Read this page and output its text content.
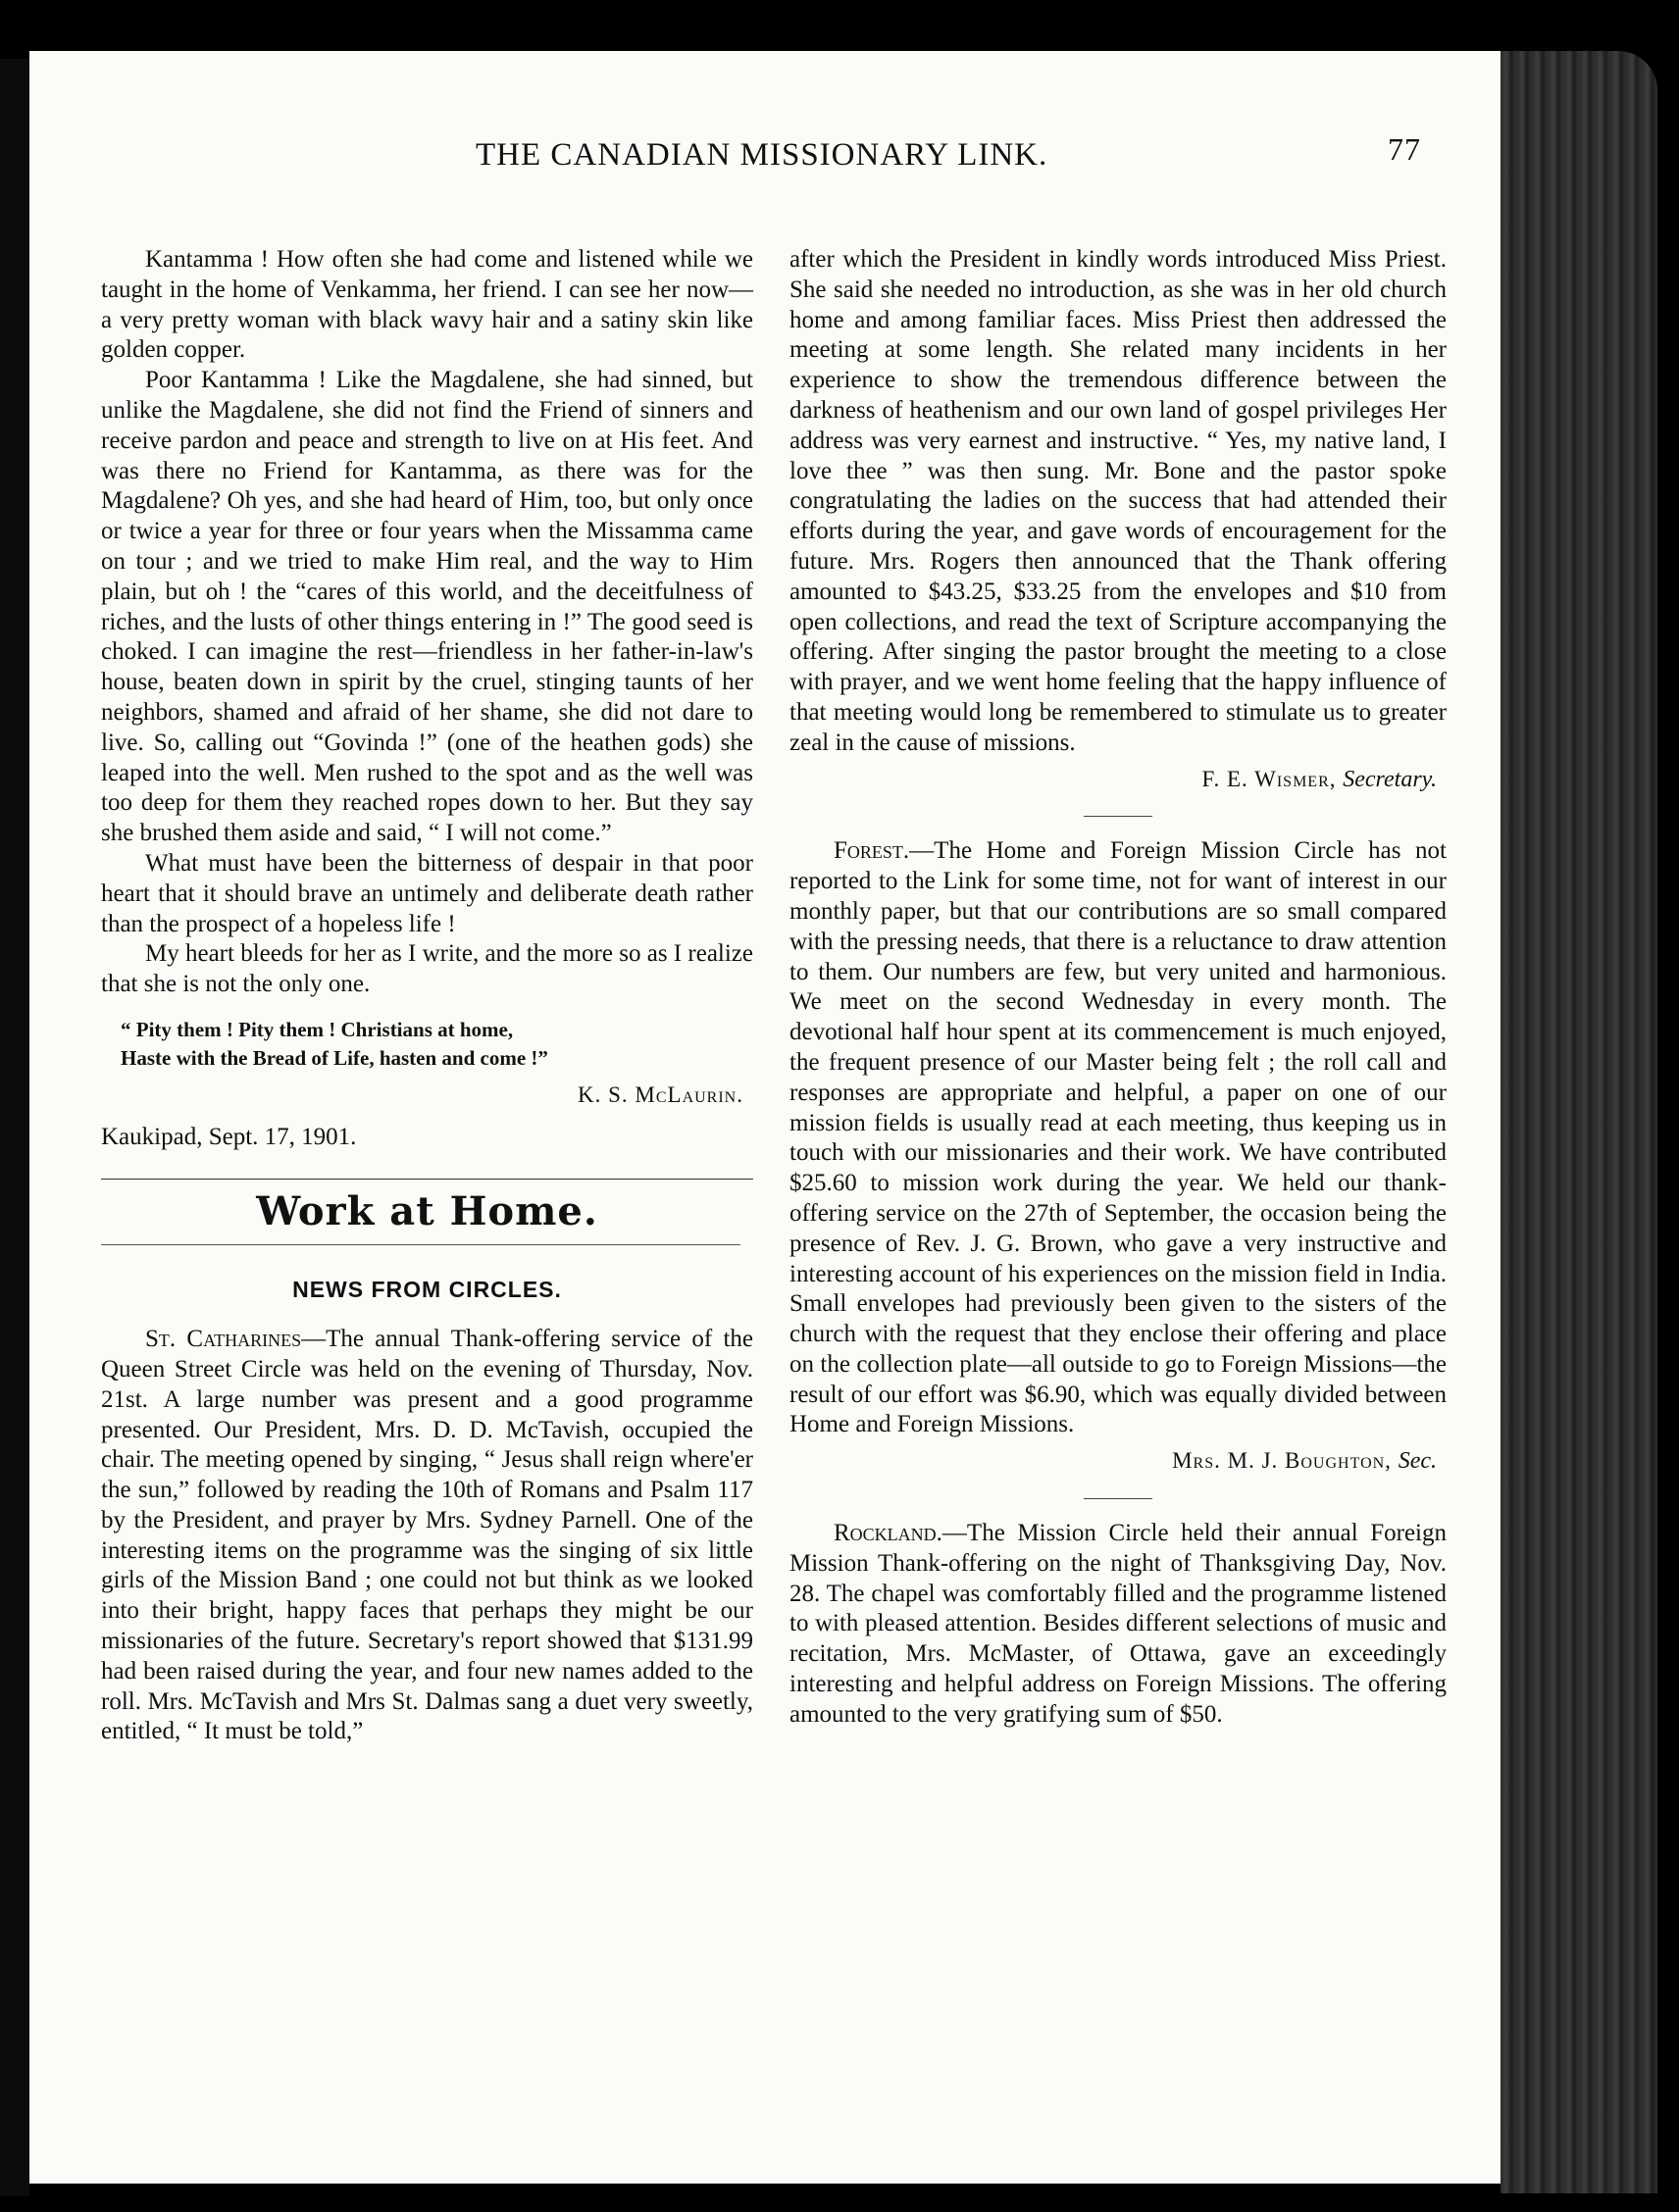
THE CANADIAN MISSIONARY LINK.	77

Kantamma ! How often she had come and listened while we taught in the home of Venkamma, her friend. I can see her now—a very pretty woman with black wavy hair and a satiny skin like golden copper.

Poor Kantamma ! Like the Magdalene, she had sinned, but unlike the Magdalene, she did not find the Friend of sinners and receive pardon and peace and strength to live on at His feet. And was there no Friend for Kantamma, as there was for the Magdalene? Oh yes, and she had heard of Him, too, but only once or twice a year for three or four years when the Missamma came on tour ; and we tried to make Him real, and the way to Him plain, but oh ! the “cares of this world, and the deceitfulness of riches, and the lusts of other things entering in !” The good seed is choked. I can imagine the rest—friendless in her father-in-law's house, beaten down in spirit by the cruel, stinging taunts of her neighbors, shamed and afraid of her shame, she did not dare to live. So, calling out “Govinda !” (one of the heathen gods) she leaped into the well. Men rushed to the spot and as the well was too deep for them they reached ropes down to her. But they say she brushed them aside and said, “ I will not come.”

What must have been the bitterness of despair in that poor heart that it should brave an untimely and deliberate death rather than the prospect of a hopeless life !

My heart bleeds for her as I write, and the more so as I realize that she is not the only one.

“ Pity them ! Pity them ! Christians at home,
Haste with the Bread of Life, hasten and come !”
K. S. McLaurin.

Kaukipad, Sept. 17, 1901.

Work at Home.

NEWS FROM CIRCLES.

St. Catharines—The annual Thank-offering service of the Queen Street Circle was held on the evening of Thursday, Nov. 21st. A large number was present and a good programme presented. Our President, Mrs. D. D. McTavish, occupied the chair. The meeting opened by singing, “ Jesus shall reign where'er the sun,” followed by reading the 10th of Romans and Psalm 117 by the President, and prayer by Mrs. Sydney Parnell. One of the interesting items on the programme was the singing of six little girls of the Mission Band ; one could not but think as we looked into their bright, happy faces that perhaps they might be our missionaries of the future. Secretary's report showed that $131.99 had been raised during the year, and four new names added to the roll. Mrs. McTavish and Mrs St. Dalmas sang a duet very sweetly, entitled, “ It must be told,”

after which the President in kindly words introduced Miss Priest. She said she needed no introduction, as she was in her old church home and among familiar faces. Miss Priest then addressed the meeting at some length. She related many incidents in her experience to show the tremendous difference between the darkness of heathenism and our own land of gospel privileges Her address was very earnest and instructive. “ Yes, my native land, I love thee ” was then sung. Mr. Bone and the pastor spoke congratulating the ladies on the success that had attended their efforts during the year, and gave words of encouragement for the future. Mrs. Rogers then announced that the Thank offering amounted to $43.25, $33.25 from the envelopes and $10 from open collections, and read the text of Scripture accompanying the offering. After singing the pastor brought the meeting to a close with prayer, and we went home feeling that the happy influence of that meeting would long be remembered to stimulate us to greater zeal in the cause of missions.

F. E. Wismer, Secretary.

Forest.—The Home and Foreign Mission Circle has not reported to the Link for some time, not for want of interest in our monthly paper, but that our contributions are so small compared with the pressing needs, that there is a reluctance to draw attention to them. Our numbers are few, but very united and harmonious. We meet on the second Wednesday in every month. The devotional half hour spent at its commencement is much enjoyed, the frequent presence of our Master being felt ; the roll call and responses are appropriate and helpful, a paper on one of our mission fields is usually read at each meeting, thus keeping us in touch with our missionaries and their work. We have contributed $25.60 to mission work during the year. We held our thank-offering service on the 27th of September, the occasion being the presence of Rev. J. G. Brown, who gave a very instructive and interesting account of his experiences on the mission field in India. Small envelopes had previously been given to the sisters of the church with the request that they enclose their offering and place on the collection plate—all outside to go to Foreign Missions—the result of our effort was $6.90, which was equally divided between Home and Foreign Missions.

Mrs. M. J. Boughton, Sec.

Rockland.—The Mission Circle held their annual Foreign Mission Thank-offering on the night of Thanksgiving Day, Nov. 28. The chapel was comfortably filled and the programme listened to with pleased attention. Besides different selections of music and recitation, Mrs. McMaster, of Ottawa, gave an exceedingly interesting and helpful address on Foreign Missions. The offering amounted to the very gratifying sum of $50.
